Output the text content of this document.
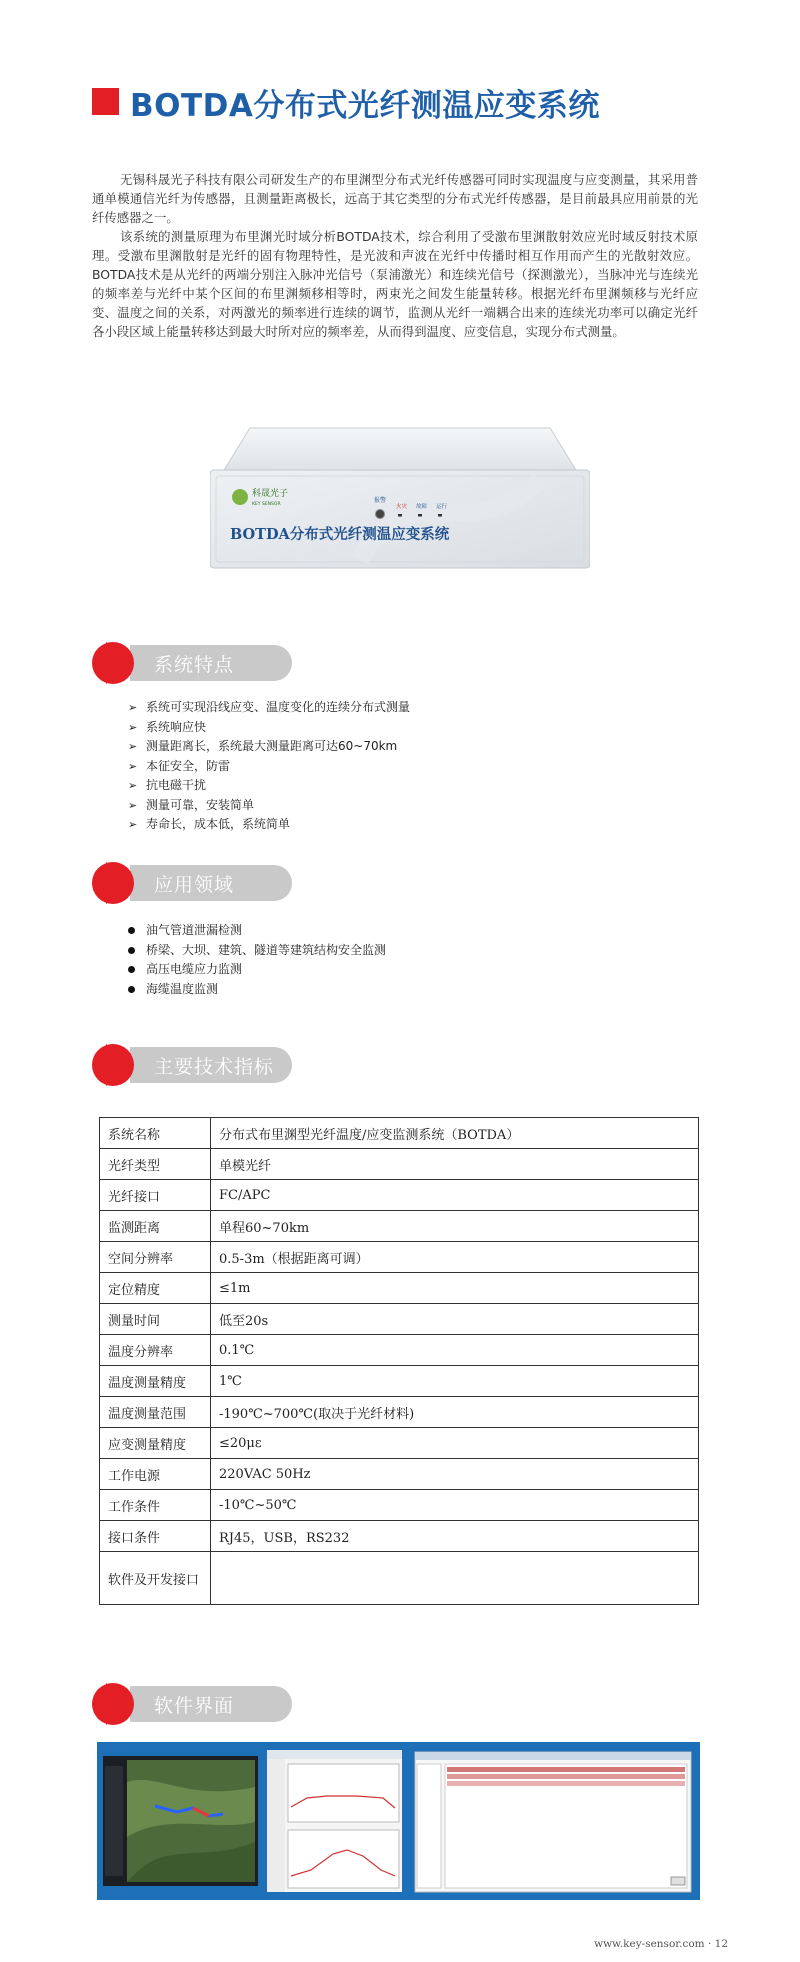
BOTDA分布式光纤测温应变系统

无锡科晟光子科技有限公司研发生产的布里渊型分布式光纤传感器可同时实现温度与应变测量，其采用普通单模通信光纤为传感器，且测量距离极长，远高于其它类型的分布式光纤传感器，是目前最具应用前景的光纤传感器之一。

该系统的测量原理为布里渊光时域分析BOTDA技术，综合利用了受激布里渊散射效应光时域反射技术原理。受激布里渊散射是光纤的固有物理特性，是光波和声波在光纤中传播时相互作用而产生的光散射效应。BOTDA技术是从光纤的两端分别注入脉冲光信号（泵浦激光）和连续光信号（探测激光），当脉冲光与连续光的频率差与光纤中某个区间的布里渊频移相等时，两束光之间发生能量转移。根据光纤布里渊频移与光纤应变、温度之间的关系，对两激光的频率进行连续的调节，监测从光纤一端耦合出来的连续光功率可以确定光纤各小段区域上能量转移达到最大时所对应的频率差，从而得到温度、应变信息，实现分布式测量。

科晟光子
KEY SENSOR
BOTDA分布式光纤测温应变系统
报警
火灾 故障 运行
系统特点
➢ 系统可实现沿线应变、温度变化的连续分布式测量
➢ 系统响应快
➢ 测量距离长，系统最大测量距离可达60~70km
➢ 本征安全，防雷
➢ 抗电磁干扰
➢ 测量可靠，安装简单
➢ 寿命长，成本低，系统简单
应用领域
油气管道泄漏检测
桥梁、大坝、建筑、隧道等建筑结构安全监测
高压电缆应力监测
海缆温度监测
主要技术指标
系统名称	分布式布里渊型光纤温度/应变监测系统（BOTDA）
光纤类型	单模光纤
光纤接口	FC/APC
监测距离	单程60~70km
空间分辨率	0.5-3m（根据距离可调）
定位精度	≤1m
测量时间	低至20s
温度分辨率	0.1℃
温度测量精度	1℃
温度测量范围	-190℃~700℃(取决于光纤材料)
应变测量精度	≤20με
工作电源	220VAC 50Hz
工作条件	-10℃~50℃
接口条件	RJ45，USB，RS232
软件及开发接口	
软件界面
www.key-sensor.com · 12
